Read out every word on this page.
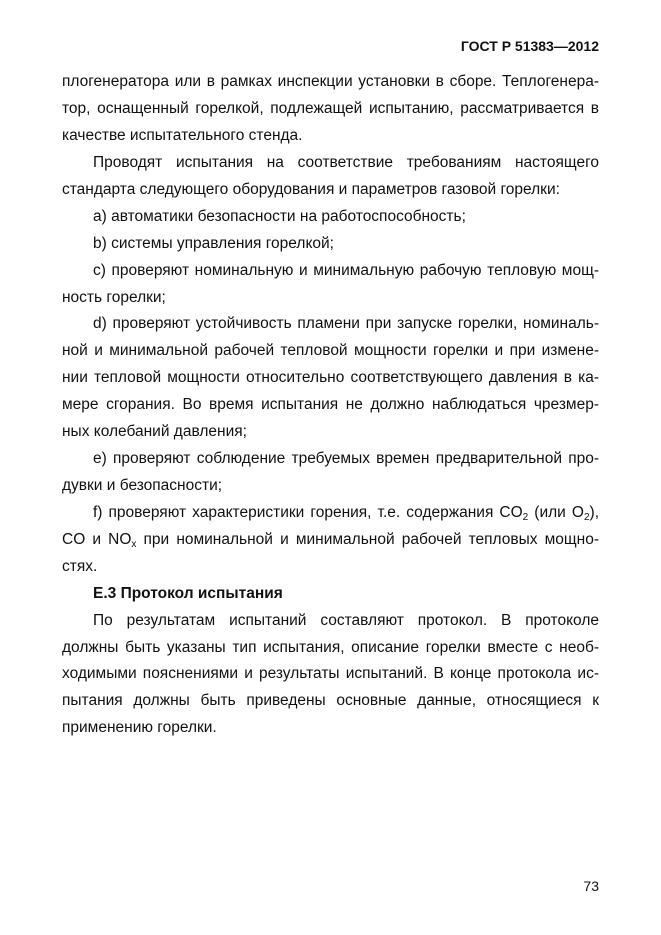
ГОСТ Р 51383—2012
плогенератора или в рамках инспекции установки в сборе. Теплогенера-
тор, оснащенный горелкой, подлежащей испытанию, рассматривается в
качестве испытательного стенда.
Проводят испытания на соответствие требованиям настоящего
стандарта следующего оборудования и параметров газовой горелки:
a) автоматики безопасности на работоспособность;
b) системы управления горелкой;
c) проверяют номинальную и минимальную рабочую тепловую мощ-
ность горелки;
d) проверяют устойчивость пламени при запуске горелки, номиналь-
ной и минимальной рабочей тепловой мощности горелки и при измене-
нии тепловой мощности относительно соответствующего давления в ка-
мере сгорания. Во время испытания не должно наблюдаться чрезмер-
ных колебаний давления;
e) проверяют соблюдение требуемых времен предварительной про-
дувки и безопасности;
f) проверяют характеристики горения, т.е. содержания $CO_2$ (или $O_2$),
CO и $NO_x$ при номинальной и минимальной рабочей тепловых мощно-
стях.
Е.3 Протокол испытания
По результатам испытаний составляют протокол. В протоколе
должны быть указаны тип испытания, описание горелки вместе с необ-
ходимыми пояснениями и результаты испытаний. В конце протокола ис-
пытания должны быть приведены основные данные, относящиеся к
применению горелки.
73
